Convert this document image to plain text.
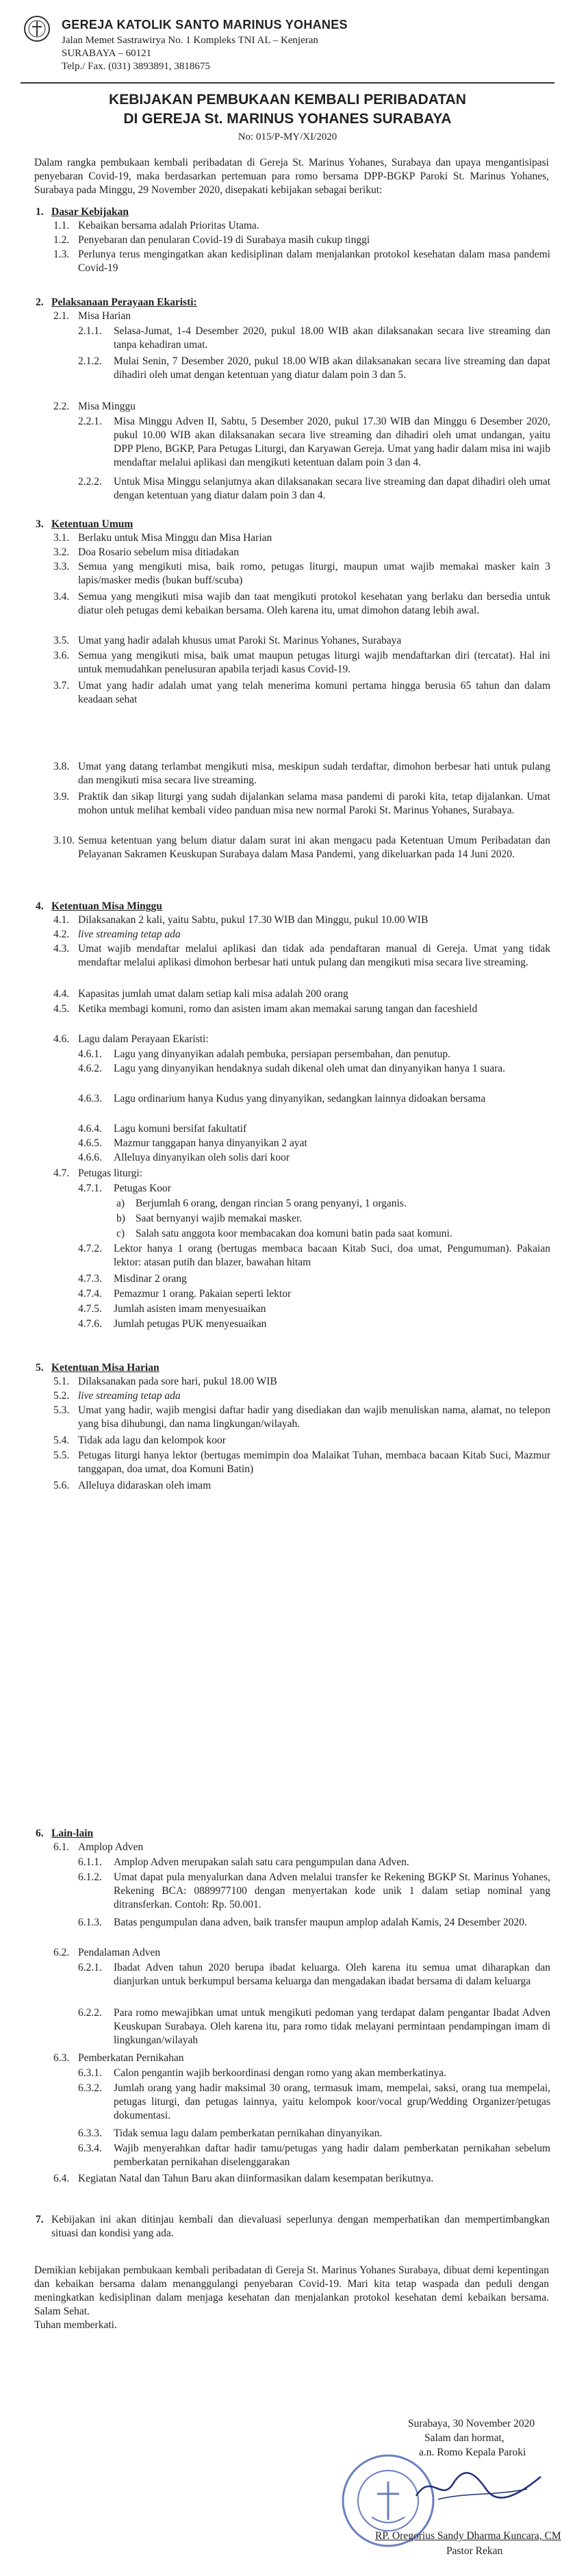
GEREJA KATOLIK SANTO MARINUS YOHANES
Jalan Memet Sastrawirya No. 1 Kompleks TNI AL – Kenjeran
SURABAYA – 60121
Telp./ Fax. (031) 3893891, 3818675
KEBIJAKAN PEMBUKAAN KEMBALI PERIBADATAN
DI GEREJA St. MARINUS YOHANES SURABAYA
No: 015/P-MY/XI/2020
Dalam rangka pembukaan kembali peribadatan di Gereja St. Marinus Yohanes, Surabaya dan upaya mengantisipasi penyebaran Covid-19, maka berdasarkan pertemuan para romo bersama DPP-BGKP Paroki St. Marinus Yohanes, Surabaya pada Minggu, 29 November 2020, disepakati kebijakan sebagai berikut:
1. Dasar Kebijakan
1.1. Kebaikan bersama adalah Prioritas Utama.
1.2. Penyebaran dan penularan Covid-19 di Surabaya masih cukup tinggi
1.3. Perlunya terus mengingatkan akan kedisiplinan dalam menjalankan protokol kesehatan dalam masa pandemi Covid-19
2. Pelaksanaan Perayaan Ekaristi:
2.1. Misa Harian
2.1.1. Selasa-Jumat, 1-4 Desember 2020, pukul 18.00 WIB akan dilaksanakan secara live streaming dan tanpa kehadiran umat.
2.1.2. Mulai Senin, 7 Desember 2020, pukul 18.00 WIB akan dilaksanakan secara live streaming dan dapat dihadiri oleh umat dengan ketentuan yang diatur dalam poin 3 dan 5.
2.2. Misa Minggu
2.2.1. Misa Minggu Adven II, Sabtu, 5 Desember 2020, pukul 17.30 WIB dan Minggu 6 Desember 2020, pukul 10.00 WIB akan dilaksanakan secara live streaming dan dihadiri oleh umat undangan, yaitu DPP Pleno, BGKP, Para Petugas Liturgi, dan Karyawan Gereja. Umat yang hadir dalam misa ini wajib mendaftar melalui aplikasi dan mengikuti ketentuan dalam poin 3 dan 4.
2.2.2. Untuk Misa Minggu selanjutnya akan dilaksanakan secara live streaming dan dapat dihadiri oleh umat dengan ketentuan yang diatur dalam poin 3 dan 4.
3. Ketentuan Umum
3.1. Berlaku untuk Misa Minggu dan Misa Harian
3.2. Doa Rosario sebelum misa ditiadakan
3.3. Semua yang mengikuti misa, baik romo, petugas liturgi, maupun umat wajib memakai masker kain 3 lapis/masker medis (bukan buff/scuba)
3.4. Semua yang mengikuti misa wajib dan taat mengikuti protokol kesehatan yang berlaku dan bersedia untuk diatur oleh petugas demi kebaikan bersama. Oleh karena itu, umat dimohon datang lebih awal.
3.5. Umat yang hadir adalah khusus umat Paroki St. Marinus Yohanes, Surabaya
3.6. Semua yang mengikuti misa, baik umat maupun petugas liturgi wajib mendaftarkan diri (tercatat). Hal ini untuk memudahkan penelusuran apabila terjadi kasus Covid-19.
3.7. Umat yang hadir adalah umat yang telah menerima komuni pertama hingga berusia 65 tahun dan dalam keadaan sehat
3.8. Umat yang datang terlambat mengikuti misa, meskipun sudah terdaftar, dimohon berbesar hati untuk pulang dan mengikuti misa secara live streaming.
3.9. Praktik dan sikap liturgi yang sudah dijalankan selama masa pandemi di paroki kita, tetap dijalankan. Umat mohon untuk melihat kembali video panduan misa new normal Paroki St. Marinus Yohanes, Surabaya.
3.10. Semua ketentuan yang belum diatur dalam surat ini akan mengacu pada Ketentuan Umum Peribadatan dan Pelayanan Sakramen Keuskupan Surabaya dalam Masa Pandemi, yang dikeluarkan pada 14 Juni 2020.
4. Ketentuan Misa Minggu
4.1. Dilaksanakan 2 kali, yaitu Sabtu, pukul 17.30 WIB dan Minggu, pukul 10.00 WIB
4.2. live streaming tetap ada
4.3. Umat wajib mendaftar melalui aplikasi dan tidak ada pendaftaran manual di Gereja. Umat yang tidak mendaftar melalui aplikasi dimohon berbesar hati untuk pulang dan mengikuti misa secara live streaming.
4.4. Kapasitas jumlah umat dalam setiap kali misa adalah 200 orang
4.5. Ketika membagi komuni, romo dan asisten imam akan memakai sarung tangan dan faceshield
4.6. Lagu dalam Perayaan Ekaristi:
4.6.1. Lagu yang dinyanyikan adalah pembuka, persiapan persembahan, dan penutup.
4.6.2. Lagu yang dinyanyikan hendaknya sudah dikenal oleh umat dan dinyanyikan hanya 1 suara.
4.6.3. Lagu ordinarium hanya Kudus yang dinyanyikan, sedangkan lainnya didoakan bersama
4.6.4. Lagu komuni bersifat fakultatif
4.6.5. Mazmur tanggapan hanya dinyanyikan 2 ayat
4.6.6. Alleluya dinyanyikan oleh solis dari koor
4.7. Petugas liturgi:
4.7.1. Petugas Koor
a) Berjumlah 6 orang, dengan rincian 5 orang penyanyi, 1 organis.
b) Saat bernyanyi wajib memakai masker.
c) Salah satu anggota koor membacakan doa komuni batin pada saat komuni.
4.7.2. Lektor hanya 1 orang (bertugas membaca bacaan Kitab Suci, doa umat, Pengumuman). Pakaian lektor: atasan putih dan blazer, bawahan hitam
4.7.3. Misdinar 2 orang
4.7.4. Pemazmur 1 orang. Pakaian seperti lektor
4.7.5. Jumlah asisten imam menyesuaikan
4.7.6. Jumlah petugas PUK menyesuaikan
5. Ketentuan Misa Harian
5.1. Dilaksanakan pada sore hari, pukul 18.00 WIB
5.2. live streaming tetap ada
5.3. Umat yang hadir, wajib mengisi daftar hadir yang disediakan dan wajib menuliskan nama, alamat, no telepon yang bisa dihubungi, dan nama lingkungan/wilayah.
5.4. Tidak ada lagu dan kelompok koor
5.5. Petugas liturgi hanya lektor (bertugas memimpin doa Malaikat Tuhan, membaca bacaan Kitab Suci, Mazmur tanggapan, doa umat, doa Komuni Batin)
5.6. Alleluya didaraskan oleh imam
6. Lain-lain
6.1. Amplop Adven
6.1.1. Amplop Adven merupakan salah satu cara pengumpulan dana Adven.
6.1.2. Umat dapat pula menyalurkan dana Adven melalui transfer ke Rekening BGKP St. Marinus Yohanes, Rekening BCA: 0889977100 dengan menyertakan kode unik 1 dalam setiap nominal yang ditransferkan. Contoh: Rp. 50.001.
6.1.3. Batas pengumpulan dana adven, baik transfer maupun amplop adalah Kamis, 24 Desember 2020.
6.2. Pendalaman Adven
6.2.1. Ibadat Adven tahun 2020 berupa ibadat keluarga. Oleh karena itu semua umat diharapkan dan dianjurkan untuk berkumpul bersama keluarga dan mengadakan ibadat bersama di dalam keluarga
6.2.2. Para romo mewajibkan umat untuk mengikuti pedoman yang terdapat dalam pengantar Ibadat Adven Keuskupan Surabaya. Oleh karena itu, para romo tidak melayani permintaan pendampingan imam di lingkungan/wilayah
6.3. Pemberkatan Pernikahan
6.3.1. Calon pengantin wajib berkoordinasi dengan romo yang akan memberkatinya.
6.3.2. Jumlah orang yang hadir maksimal 30 orang, termasuk imam, mempelai, saksi, orang tua mempelai, petugas liturgi, dan petugas lainnya, yaitu kelompok koor/vocal grup/Wedding Organizer/petugas dokumentasi.
6.3.3. Tidak semua lagu dalam pemberkatan pernikahan dinyanyikan.
6.3.4. Wajib menyerahkan daftar hadir tamu/petugas yang hadir dalam pemberkatan pernikahan sebelum pemberkatan pernikahan diselenggarakan
6.4. Kegiatan Natal dan Tahun Baru akan diinformasikan dalam kesempatan berikutnya.
7. Kebijakan ini akan ditinjau kembali dan dievaluasi seperlunya dengan memperhatikan dan mempertimbangkan situasi dan kondisi yang ada.
Demikian kebijakan pembukaan kembali peribadatan di Gereja St. Marinus Yohanes Surabaya, dibuat demi kepentingan dan kebaikan bersama dalam menanggulangi penyebaran Covid-19. Mari kita tetap waspada dan peduli dengan meningkatkan kedisiplinan dalam menjaga kesehatan dan menjalankan protokol kesehatan demi kebaikan bersama. Salam Sehat.
Tuhan memberkati.
Surabaya, 30 November 2020
Salam dan hormat,
a.n. Romo Kepala Paroki
RP. Oregorius Sandy Dharma Kuncara, CM
Pastor Rekan
